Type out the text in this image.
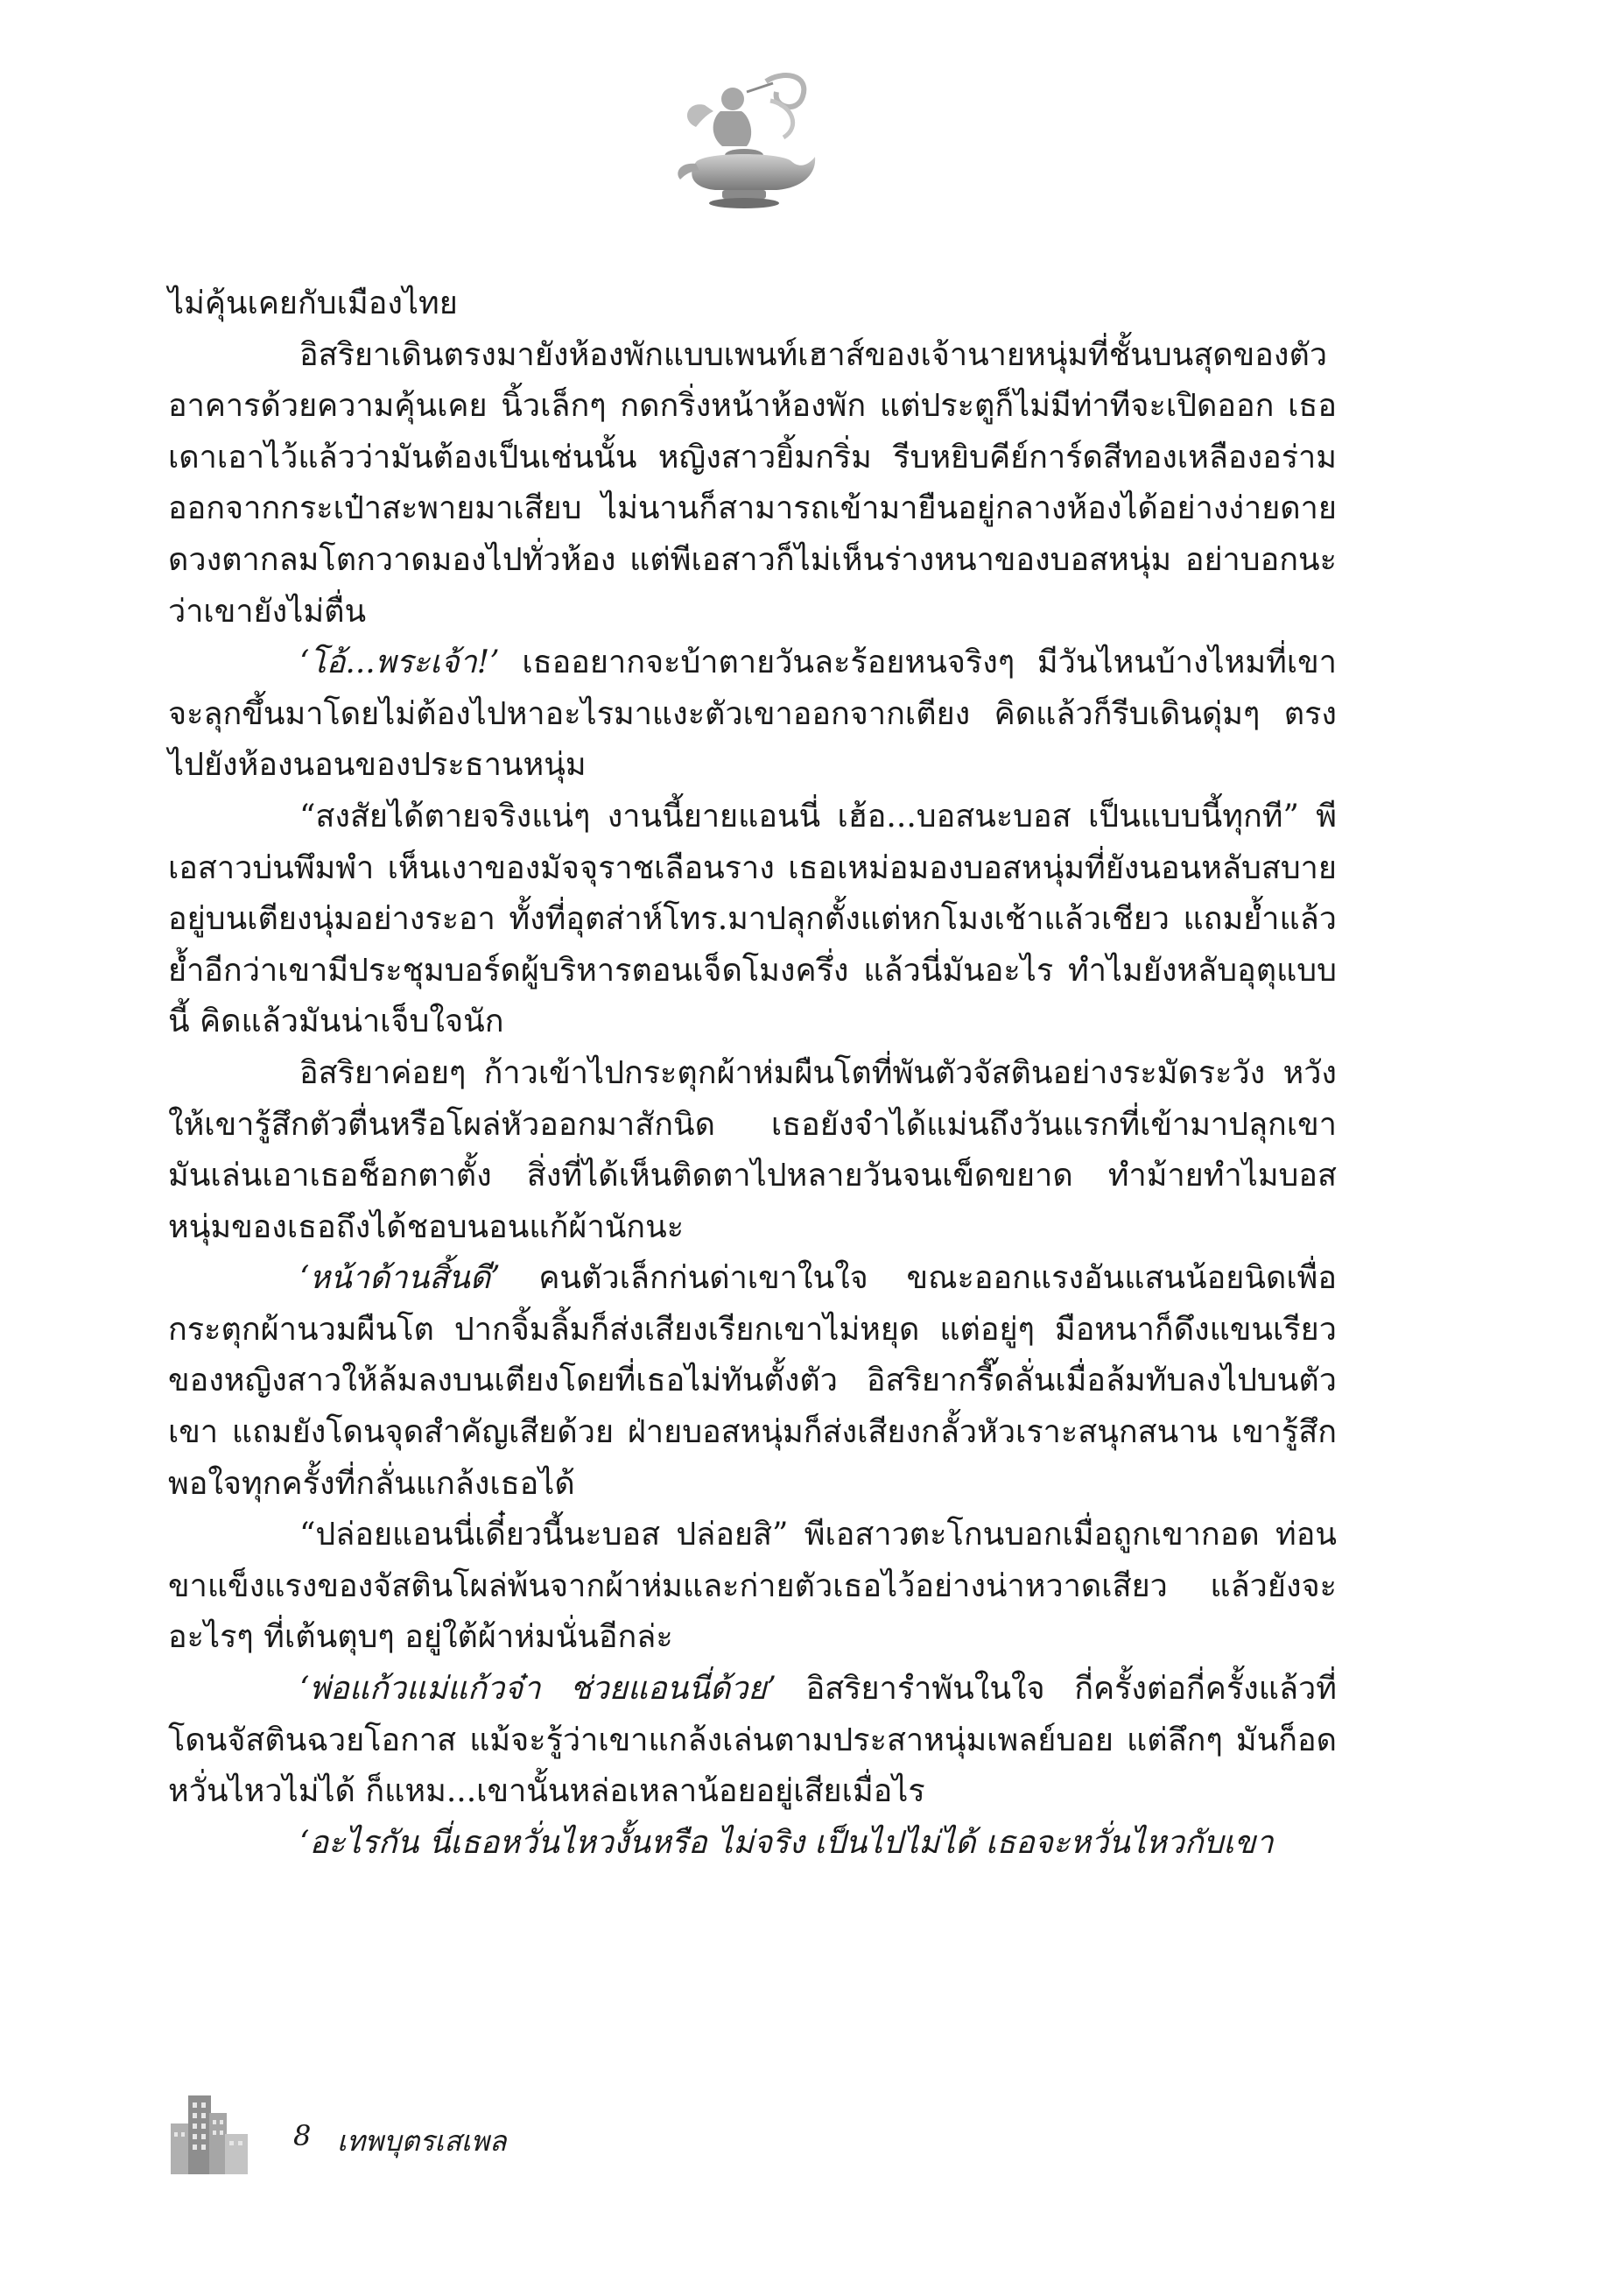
ไม่คุ้นเคยกับเมืองไทย

อิสริยาเดินตรงมายังห้องพักแบบเพนท์เฮาส์ของเจ้านายหนุ่มที่ชั้นบนสุดของตัวอาคารด้วยความคุ้นเคย นิ้วเล็กๆ กดกริ่งหน้าห้องพัก แต่ประตูก็ไม่มีท่าทีจะเปิดออก เธอเดาเอาไว้แล้วว่ามันต้องเป็นเช่นนั้น หญิงสาวยิ้มกริ่ม รีบหยิบคีย์การ์ดสีทองเหลืองอร่ามออกจากกระเป๋าสะพายมาเสียบ ไม่นานก็สามารถเข้ามายืนอยู่กลางห้องได้อย่างง่ายดาย ดวงตากลมโตกวาดมองไปทั่วห้อง แต่พีเอสาวก็ไม่เห็นร่างหนาของบอสหนุ่ม อย่าบอกนะว่าเขายังไม่ตื่น

‘โอ้...พระเจ้า!’ เธออยากจะบ้าตายวันละร้อยหนจริงๆ มีวันไหนบ้างไหมที่เขาจะลุกขึ้นมาโดยไม่ต้องไปหาอะไรมาแงะตัวเขาออกจากเตียง คิดแล้วก็รีบเดินดุ่มๆ ตรงไปยังห้องนอนของประธานหนุ่ม

“สงสัยได้ตายจริงแน่ๆ งานนี้ยายแอนนี่ เฮ้อ...บอสนะบอส เป็นแบบนี้ทุกที” พีเอสาวบ่นพึมพำ เห็นเงาของมัจจุราชเลือนราง เธอเหม่อมองบอสหนุ่มที่ยังนอนหลับสบายอยู่บนเตียงนุ่มอย่างระอา ทั้งที่อุตส่าห์โทร.มาปลุกตั้งแต่หกโมงเช้าแล้วเชียว แถมย้ำแล้วย้ำอีกว่าเขามีประชุมบอร์ดผู้บริหารตอนเจ็ดโมงครึ่ง แล้วนี่มันอะไร ทำไมยังหลับอุตุแบบนี้ คิดแล้วมันน่าเจ็บใจนัก

อิสริยาค่อยๆ ก้าวเข้าไปกระตุกผ้าห่มผืนโตที่พันตัวจัสตินอย่างระมัดระวัง หวังให้เขารู้สึกตัวตื่นหรือโผล่หัวออกมาสักนิด เธอยังจำได้แม่นถึงวันแรกที่เข้ามาปลุกเขา มันเล่นเอาเธอช็อกตาตั้ง สิ่งที่ได้เห็นติดตาไปหลายวันจนเข็ดขยาด ทำม้ายทำไมบอสหนุ่มของเธอถึงได้ชอบนอนแก้ผ้านักนะ

‘หน้าด้านสิ้นดี’ คนตัวเล็กก่นด่าเขาในใจ ขณะออกแรงอันแสนน้อยนิดเพื่อกระตุกผ้านวมผืนโต ปากจิ้มลิ้มก็ส่งเสียงเรียกเขาไม่หยุด แต่อยู่ๆ มือหนาก็ดึงแขนเรียวของหญิงสาวให้ล้มลงบนเตียงโดยที่เธอไม่ทันตั้งตัว อิสริยากรี๊ดลั่นเมื่อล้มทับลงไปบนตัวเขา แถมยังโดนจุดสำคัญเสียด้วย ฝ่ายบอสหนุ่มก็ส่งเสียงกลั้วหัวเราะสนุกสนาน เขารู้สึกพอใจทุกครั้งที่กลั่นแกล้งเธอได้

“ปล่อยแอนนี่เดี๋ยวนี้นะบอส ปล่อยสิ” พีเอสาวตะโกนบอกเมื่อถูกเขากอด ท่อนขาแข็งแรงของจัสตินโผล่พ้นจากผ้าห่มและก่ายตัวเธอไว้อย่างน่าหวาดเสียว แล้วยังจะอะไรๆ ที่เต้นตุบๆ อยู่ใต้ผ้าห่มนั่นอีกล่ะ

‘พ่อแก้วแม่แก้วจ๋า ช่วยแอนนี่ด้วย’ อิสริยารำพันในใจ กี่ครั้งต่อกี่ครั้งแล้วที่โดนจัสตินฉวยโอกาส แม้จะรู้ว่าเขาแกล้งเล่นตามประสาหนุ่มเพลย์บอย แต่ลึกๆ มันก็อดหวั่นไหวไม่ได้ ก็แหม...เขานั้นหล่อเหลาน้อยอยู่เสียเมื่อไร

‘อะไรกัน นี่เธอหวั่นไหวงั้นหรือ ไม่จริง เป็นไปไม่ได้ เธอจะหวั่นไหวกับเขา

8 เทพบุตรเสเพล
